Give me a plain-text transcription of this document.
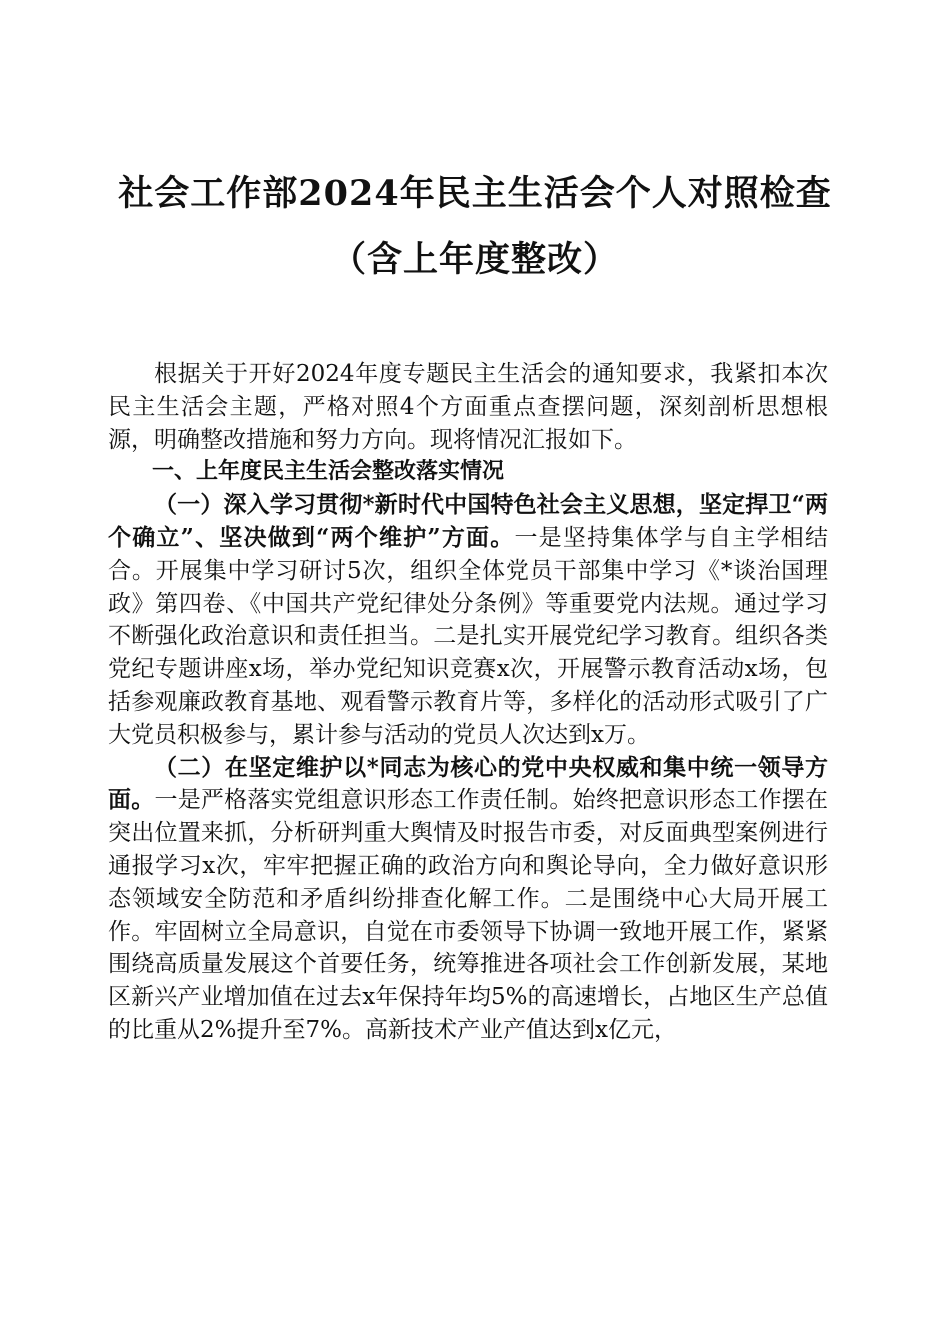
社会工作部2024年民主生活会个人对照检查
（含上年度整改）

根据关于开好2024年度专题民主生活会的通知要求，我紧扣本次民主生活会主题，严格对照4个方面重点查摆问题，深刻剖析思想根源，明确整改措施和努力方向。现将情况汇报如下。

一、上年度民主生活会整改落实情况

（一）深入学习贯彻*新时代中国特色社会主义思想，坚定捍卫“两个确立”、坚决做到“两个维护”方面。一是坚持集体学与自主学相结合。开展集中学习研讨5次，组织全体党员干部集中学习《*谈治国理政》第四卷、《中国共产党纪律处分条例》等重要党内法规。通过学习不断强化政治意识和责任担当。二是扎实开展党纪学习教育。组织各类党纪专题讲座x场，举办党纪知识竞赛x次，开展警示教育活动x场，包括参观廉政教育基地、观看警示教育片等，多样化的活动形式吸引了广大党员积极参与，累计参与活动的党员人次达到x万。

（二）在坚定维护以*同志为核心的党中央权威和集中统一领导方面。一是严格落实党组意识形态工作责任制。始终把意识形态工作摆在突出位置来抓，分析研判重大舆情及时报告市委，对反面典型案例进行通报学习x次，牢牢把握正确的政治方向和舆论导向，全力做好意识形态领域安全防范和矛盾纠纷排查化解工作。二是围绕中心大局开展工作。牢固树立全局意识，自觉在市委领导下协调一致地开展工作，紧紧围绕高质量发展这个首要任务，统筹推进各项社会工作创新发展，某地区新兴产业增加值在过去x年保持年均5%的高速增长，占地区生产总值的比重从2%提升至7%。高新技术产业产值达到x亿元，
